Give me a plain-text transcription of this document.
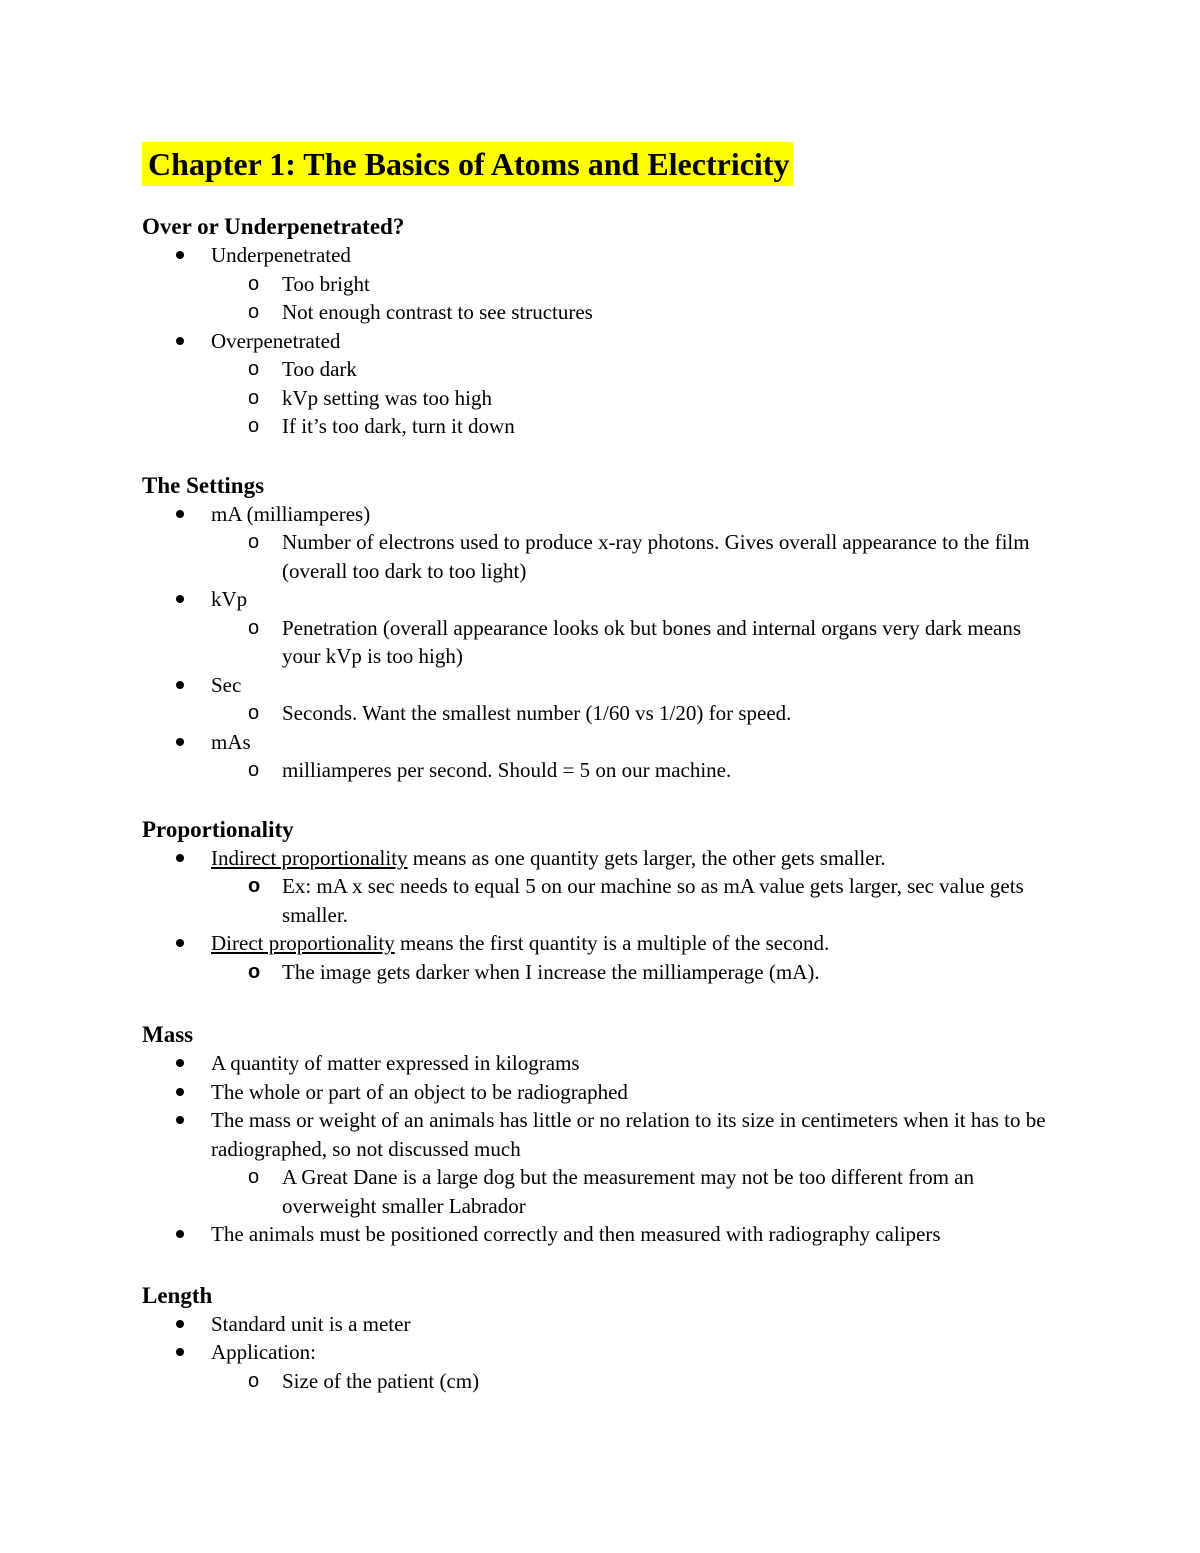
Chapter 1: The Basics of Atoms and Electricity
Over or Underpenetrated?
Underpenetrated
o Too bright
o Not enough contrast to see structures
Overpenetrated
o Too dark
o kVp setting was too high
o If it’s too dark, turn it down
The Settings
mA (milliamperes)
o Number of electrons used to produce x-ray photons. Gives overall appearance to the film (overall too dark to too light)
kVp
o Penetration (overall appearance looks ok but bones and internal organs very dark means your kVp is too high)
Sec
o Seconds. Want the smallest number (1/60 vs 1/20) for speed.
mAs
o milliamperes per second. Should = 5 on our machine.
Proportionality
Indirect proportionality means as one quantity gets larger, the other gets smaller.
o Ex: mA x sec needs to equal 5 on our machine so as mA value gets larger, sec value gets smaller.
Direct proportionality means the first quantity is a multiple of the second.
o The image gets darker when I increase the milliamperage (mA).
Mass
A quantity of matter expressed in kilograms
The whole or part of an object to be radiographed
The mass or weight of an animals has little or no relation to its size in centimeters when it has to be radiographed, so not discussed much
o A Great Dane is a large dog but the measurement may not be too different from an overweight smaller Labrador
The animals must be positioned correctly and then measured with radiography calipers
Length
Standard unit is a meter
Application:
o Size of the patient (cm)
